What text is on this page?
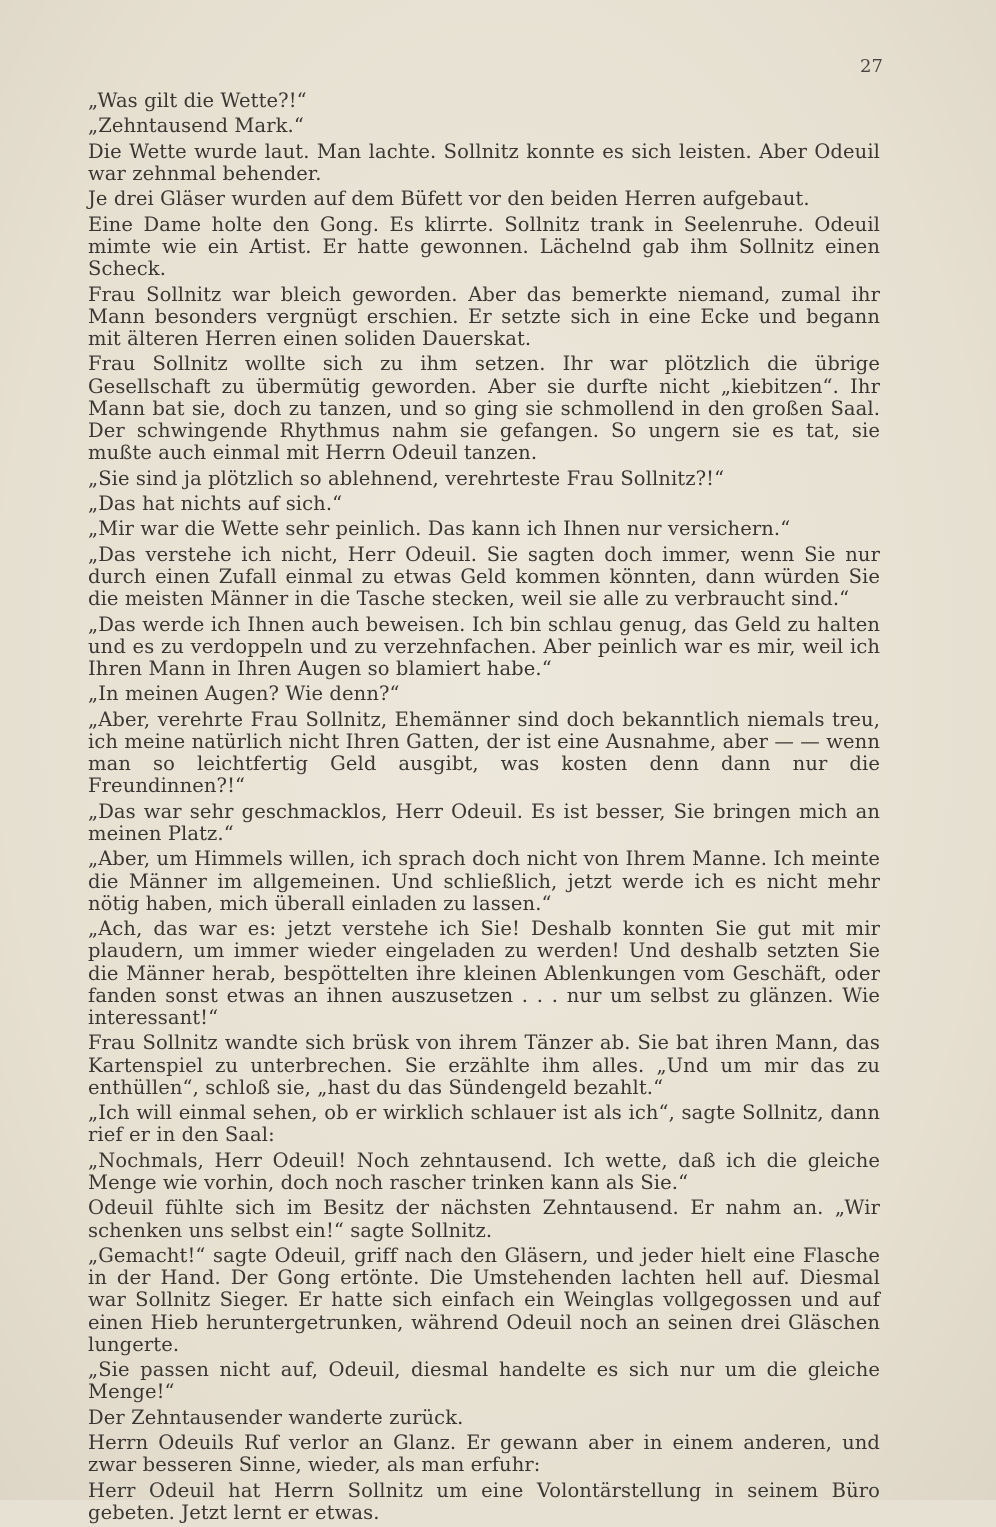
27

„Was gilt die Wette?!“

„Zehntausend Mark.“

Die Wette wurde laut. Man lachte. Sollnitz konnte es sich leisten. Aber Odeuil war zehnmal behender.

Je drei Gläser wurden auf dem Büfett vor den beiden Herren aufgebaut.

Eine Dame holte den Gong. Es klirrte. Sollnitz trank in Seelenruhe. Odeuil mimte wie ein Artist. Er hatte gewonnen. Lächelnd gab ihm Sollnitz einen Scheck.

Frau Sollnitz war bleich geworden. Aber das bemerkte niemand, zumal ihr Mann besonders vergnügt erschien. Er setzte sich in eine Ecke und begann mit älteren Herren einen soliden Dauerskat.

Frau Sollnitz wollte sich zu ihm setzen. Ihr war plötzlich die übrige Gesellschaft zu übermütig geworden. Aber sie durfte nicht „kiebitzen“. Ihr Mann bat sie, doch zu tanzen, und so ging sie schmollend in den großen Saal. Der schwingende Rhythmus nahm sie gefangen. So ungern sie es tat, sie mußte auch einmal mit Herrn Odeuil tanzen.

„Sie sind ja plötzlich so ablehnend, verehrteste Frau Sollnitz?!“

„Das hat nichts auf sich.“

„Mir war die Wette sehr peinlich. Das kann ich Ihnen nur versichern.“

„Das verstehe ich nicht, Herr Odeuil. Sie sagten doch immer, wenn Sie nur durch einen Zufall einmal zu etwas Geld kommen könnten, dann würden Sie die meisten Männer in die Tasche stecken, weil sie alle zu verbraucht sind.“

„Das werde ich Ihnen auch beweisen. Ich bin schlau genug, das Geld zu halten und es zu verdoppeln und zu verzehnfachen. Aber peinlich war es mir, weil ich Ihren Mann in Ihren Augen so blamiert habe.“

„In meinen Augen? Wie denn?“

„Aber, verehrte Frau Sollnitz, Ehemänner sind doch bekanntlich niemals treu, ich meine natürlich nicht Ihren Gatten, der ist eine Ausnahme, aber — — wenn man so leichtfertig Geld ausgibt, was kosten denn dann nur die Freundinnen?!“

„Das war sehr geschmacklos, Herr Odeuil. Es ist besser, Sie bringen mich an meinen Platz.“

„Aber, um Himmels willen, ich sprach doch nicht von Ihrem Manne. Ich meinte die Männer im allgemeinen. Und schließlich, jetzt werde ich es nicht mehr nötig haben, mich überall einladen zu lassen.“

„Ach, das war es: jetzt verstehe ich Sie! Deshalb konnten Sie gut mit mir plaudern, um immer wieder eingeladen zu werden! Und deshalb setzten Sie die Männer herab, bespöttelten ihre kleinen Ablenkungen vom Geschäft, oder fanden sonst etwas an ihnen auszusetzen . . . nur um selbst zu glänzen. Wie interessant!“

Frau Sollnitz wandte sich brüsk von ihrem Tänzer ab. Sie bat ihren Mann, das Kartenspiel zu unterbrechen. Sie erzählte ihm alles. „Und um mir das zu enthüllen“, schloß sie, „hast du das Sündengeld bezahlt.“

„Ich will einmal sehen, ob er wirklich schlauer ist als ich“, sagte Sollnitz, dann rief er in den Saal:

„Nochmals, Herr Odeuil! Noch zehntausend. Ich wette, daß ich die gleiche Menge wie vorhin, doch noch rascher trinken kann als Sie.“

Odeuil fühlte sich im Besitz der nächsten Zehntausend. Er nahm an. „Wir schenken uns selbst ein!“ sagte Sollnitz.

„Gemacht!“ sagte Odeuil, griff nach den Gläsern, und jeder hielt eine Flasche in der Hand. Der Gong ertönte. Die Umstehenden lachten hell auf. Diesmal war Sollnitz Sieger. Er hatte sich einfach ein Weinglas vollgegossen und auf einen Hieb heruntergetrunken, während Odeuil noch an seinen drei Gläschen lungerte.

„Sie passen nicht auf, Odeuil, diesmal handelte es sich nur um die gleiche Menge!“

Der Zehntausender wanderte zurück.

Herrn Odeuils Ruf verlor an Glanz. Er gewann aber in einem anderen, und zwar besseren Sinne, wieder, als man erfuhr:

Herr Odeuil hat Herrn Sollnitz um eine Volontärstellung in seinem Büro gebeten. Jetzt lernt er etwas.
